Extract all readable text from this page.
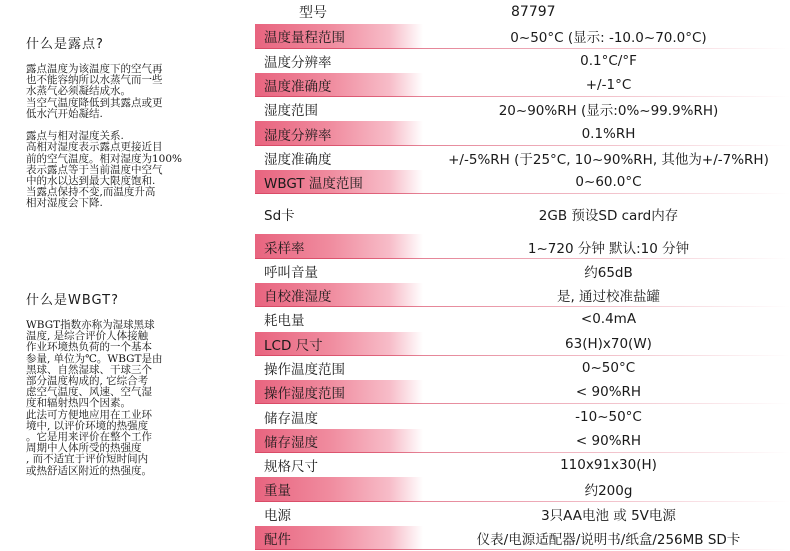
什么是露点?
露点温度为该温度下的空气再
也不能容纳所以水蒸气而一些
水蒸气必须凝结成水。
当空气温度降低到其露点或更
低水汽开始凝结.

露点与相对湿度关系.
高相对湿度表示露点更接近目
前的空气温度。相对湿度为100%
表示露点等于当前温度中空气
中的水以达到最大限度饱和.
当露点保持不变,而温度升高
相对湿度会下降.
什么是WBGT?
WBGT指数亦称为湿球黑球
温度, 是综合评价人体接触
作业环境热负荷的一个基本
参量, 单位为℃。WBGT是由
黑球、自然湿球、干球三个
部分温度构成的, 它综合考
虑空气温度、风速、空气湿
度和辐射热四个因素。
此法可方便地应用在工业环
境中, 以评价环境的热强度
。它是用来评价在整个工作
周期中人体所受的热强度
, 而不适宜于评价短时间内
或热舒适区附近的热强度。
型号	87797
温度量程范围	0~50°C (显示: -10.0~70.0°C)
温度分辨率	0.1°C/°F
温度准确度	+/-1°C
湿度范围	20~90%RH (显示:0%~99.9%RH)
湿度分辨率	0.1%RH
湿度准确度	+/-5%RH (于25°C, 10~90%RH, 其他为+/-7%RH)
WBGT 温度范围	0~60.0°C
Sd卡	2GB 预设SD card内存
采样率	1~720 分钟 默认:10 分钟
呼叫音量	约65dB
自校准湿度	是, 通过校准盐罐
耗电量	<0.4mA
LCD 尺寸	63(H)x70(W)
操作温度范围	0~50°C
操作湿度范围	< 90%RH
储存温度	-10~50°C
储存湿度	< 90%RH
规格尺寸	110x91x30(H)
重量	约200g
电源	3只AA电池 或 5V电源
配件	仪表/电源适配器/说明书/纸盒/256MB SD卡
